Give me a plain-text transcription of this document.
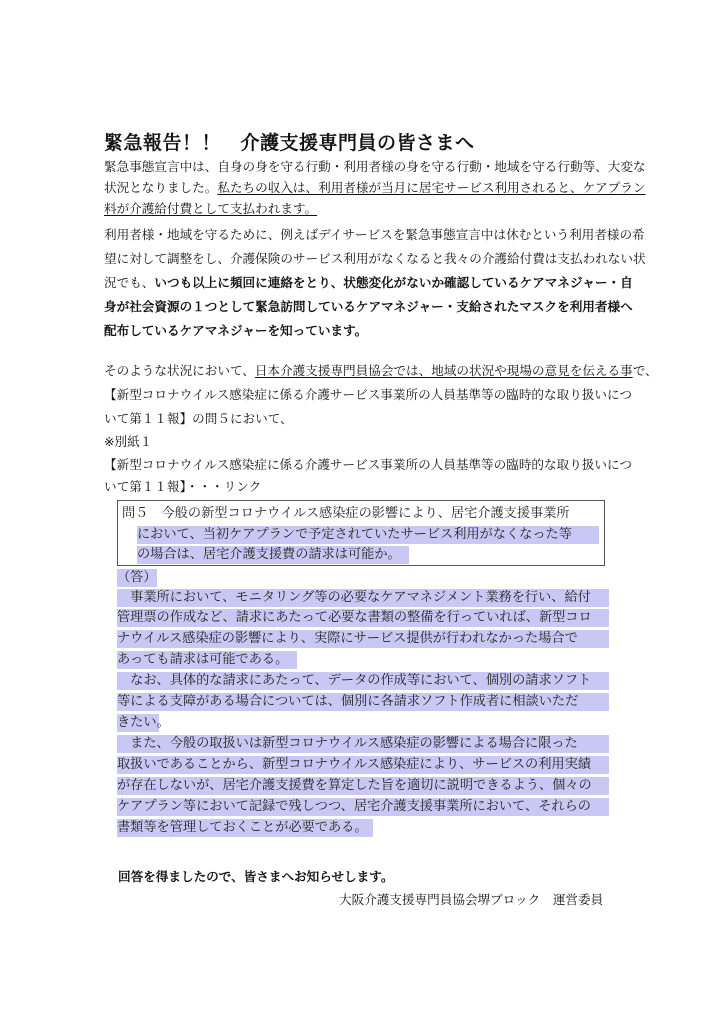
緊急報告！！　介護支援専門員の皆さまへ
緊急事態宣言中は、自身の身を守る行動・利用者様の身を守る行動・地域を守る行動等、大変な
状況となりました。私たちの収入は、利用者様が当月に居宅サービス利用されると、ケアプラン
料が介護給付費として支払われます。
利用者様・地域を守るために、例えばデイサービスを緊急事態宣言中は休むという利用者様の希
望に対して調整をし、介護保険のサービス利用がなくなると我々の介護給付費は支払われない状
況でも、いつも以上に頻回に連絡をとり、状態変化がないか確認しているケアマネジャー・自
身が社会資源の１つとして緊急訪問しているケアマネジャー・支給されたマスクを利用者様へ
配布しているケアマネジャーを知っています。
そのような状況において、日本介護支援専門員協会では、地域の状況や現場の意見を伝える事で、
【新型コロナウイルス感染症に係る介護サービス事業所の人員基準等の臨時的な取り扱いにつ
いて第１１報】の問５において、
※別紙１
【新型コロナウイルス感染症に係る介護サービス事業所の人員基準等の臨時的な取り扱いにつ
いて第１１報】・・・リンク
問５　今般の新型コロナウイルス感染症の影響により、居宅介護支援事業所
において、当初ケアプランで予定されていたサービス利用がなくなった等
の場合は、居宅介護支援費の請求は可能か。
（答）
　事業所において、モニタリング等の必要なケアマネジメント業務を行い、給付
管理票の作成など、請求にあたって必要な書類の整備を行っていれば、新型コロ
ナウイルス感染症の影響により、実際にサービス提供が行われなかった場合で
あっても請求は可能である。
　なお、具体的な請求にあたって、データの作成等において、個別の請求ソフト
等による支障がある場合については、個別に各請求ソフト作成者に相談いただ
きたい。
　また、今般の取扱いは新型コロナウイルス感染症の影響による場合に限った
取扱いであることから、新型コロナウイルス感染症により、サービスの利用実績
が存在しないが、居宅介護支援費を算定した旨を適切に説明できるよう、個々の
ケアプラン等において記録で残しつつ、居宅介護支援事業所において、それらの
書類等を管理しておくことが必要である。
回答を得ましたので、皆さまへお知らせします。
大阪介護支援専門員協会堺ブロック　運営委員
